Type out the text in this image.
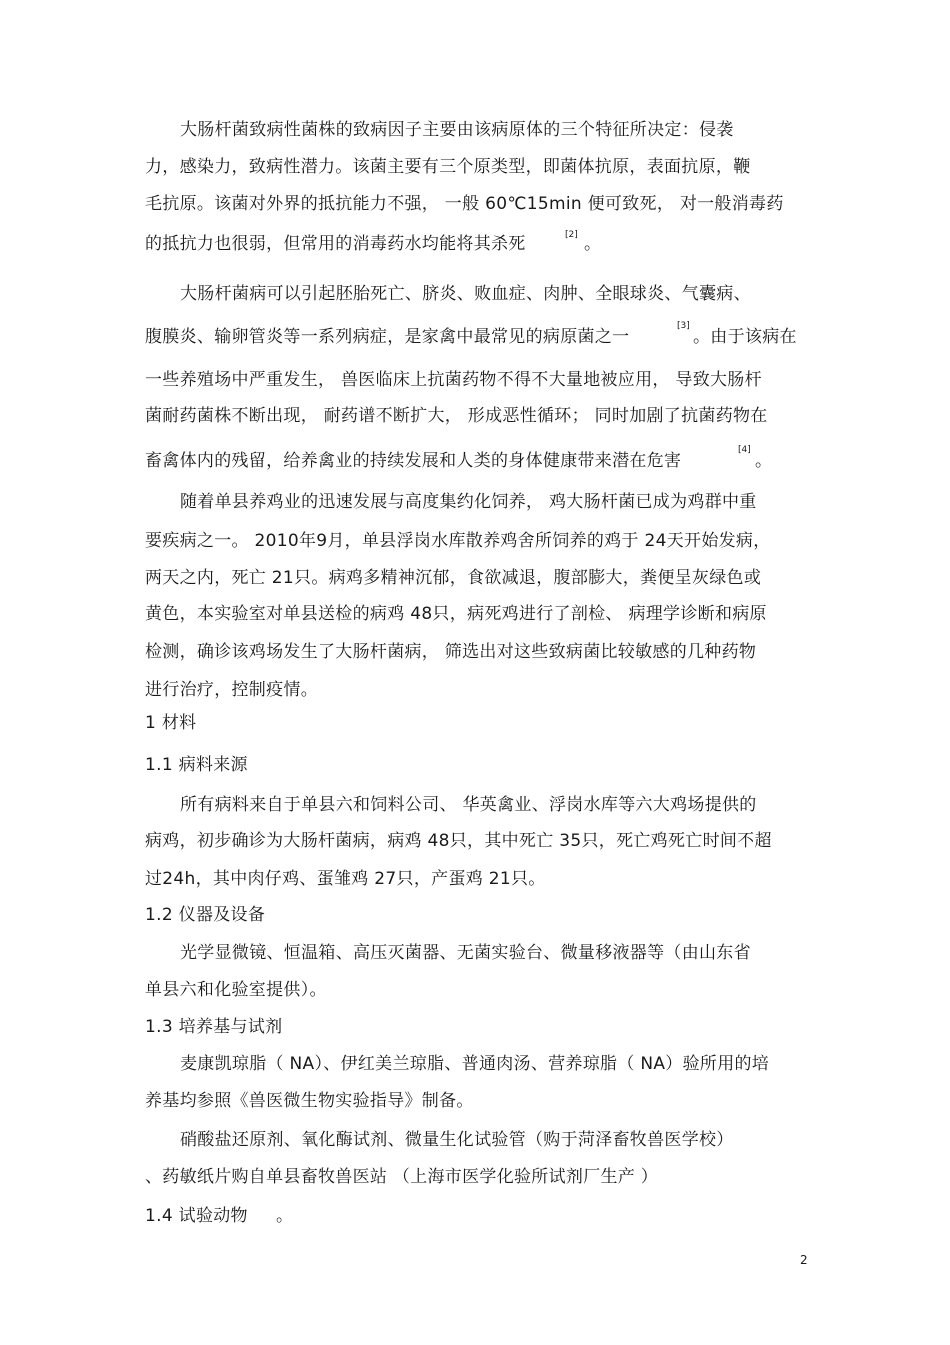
大肠杆菌致病性菌株的致病因子主要由该病原体的三个特征所决定：侵袭
力，感染力，致病性潜力。该菌主要有三个原类型，即菌体抗原，表面抗原，鞭
毛抗原。该菌对外界的抵抗能力不强， 一般 60℃15min 便可致死， 对一般消毒药
的抵抗力也很弱，但常用的消毒药水均能将其杀死	[2] 。
大肠杆菌病可以引起胚胎死亡、脐炎、败血症、肉肿、全眼球炎、气囊病、
腹膜炎、输卵管炎等一系列病症，是家禽中最常见的病原菌之一
[3]
。由于该病在
一些养殖场中严重发生， 兽医临床上抗菌药物不得不大量地被应用， 导致大肠杆
菌耐药菌株不断出现， 耐药谱不断扩大， 形成恶性循环； 同时加剧了抗菌药物在
畜禽体内的残留，给养禽业的持续发展和人类的身体健康带来潜在危害
[4]
。
随着单县养鸡业的迅速发展与高度集约化饲养， 鸡大肠杆菌已成为鸡群中重
要疾病之一。 2010年9月，单县浮岗水库散养鸡舍所饲养的鸡于 24天开始发病，
两天之内，死亡 21只。病鸡多精神沉郁，食欲减退，腹部膨大，粪便呈灰绿色或
黄色，本实验室对单县送检的病鸡 48只，病死鸡进行了剖检、 病理学诊断和病原
检测，确诊该鸡场发生了大肠杆菌病， 筛选出对这些致病菌比较敏感的几种药物
进行治疗，控制疫情。
1 材料
1.1 病料来源
所有病料来自于单县六和饲料公司、 华英禽业、浮岗水库等六大鸡场提供的
病鸡，初步确诊为大肠杆菌病，病鸡 48只，其中死亡 35只，死亡鸡死亡时间不超
过24h，其中肉仔鸡、蛋雏鸡 27只，产蛋鸡 21只。
1.2 仪器及设备
光学显微镜、恒温箱、高压灭菌器、无菌实验台、微量移液器等（由山东省
单县六和化验室提供）。
1.3 培养基与试剂
麦康凯琼脂（ NA）、伊红美兰琼脂、普通肉汤、营养琼脂（ NA）验所用的培
养基均参照《兽医微生物实验指导》制备。
硝酸盐还原剂、氧化酶试剂、微量生化试验管（购于菏泽畜牧兽医学校）
、药敏纸片购自单县畜牧兽医站 （上海市医学化验所试剂厂生产 ）
1.4 试验动物 。
2
